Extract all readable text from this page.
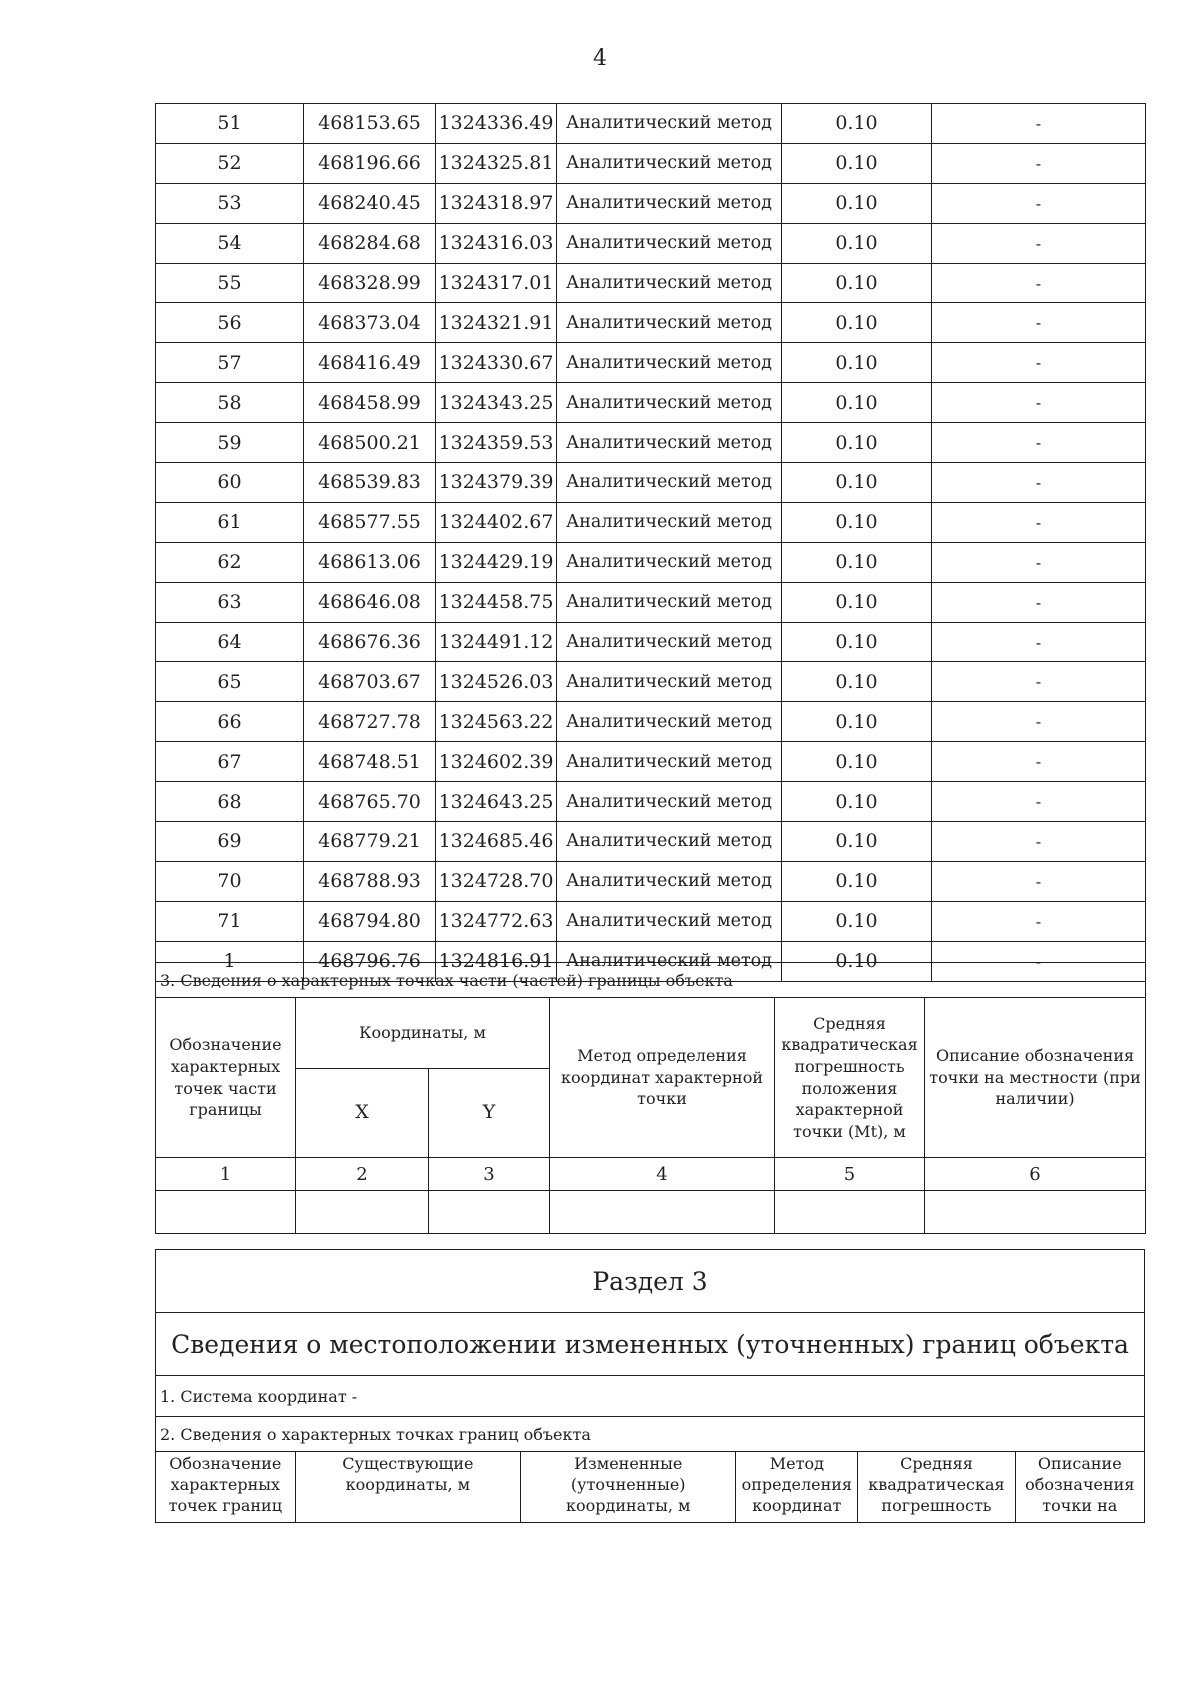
4
51	468153.65	1324336.49	Аналитический метод	0.10	-
52	468196.66	1324325.81	Аналитический метод	0.10	-
53	468240.45	1324318.97	Аналитический метод	0.10	-
54	468284.68	1324316.03	Аналитический метод	0.10	-
55	468328.99	1324317.01	Аналитический метод	0.10	-
56	468373.04	1324321.91	Аналитический метод	0.10	-
57	468416.49	1324330.67	Аналитический метод	0.10	-
58	468458.99	1324343.25	Аналитический метод	0.10	-
59	468500.21	1324359.53	Аналитический метод	0.10	-
60	468539.83	1324379.39	Аналитический метод	0.10	-
61	468577.55	1324402.67	Аналитический метод	0.10	-
62	468613.06	1324429.19	Аналитический метод	0.10	-
63	468646.08	1324458.75	Аналитический метод	0.10	-
64	468676.36	1324491.12	Аналитический метод	0.10	-
65	468703.67	1324526.03	Аналитический метод	0.10	-
66	468727.78	1324563.22	Аналитический метод	0.10	-
67	468748.51	1324602.39	Аналитический метод	0.10	-
68	468765.70	1324643.25	Аналитический метод	0.10	-
69	468779.21	1324685.46	Аналитический метод	0.10	-
70	468788.93	1324728.70	Аналитический метод	0.10	-
71	468794.80	1324772.63	Аналитический метод	0.10	-
1	468796.76	1324816.91	Аналитический метод	0.10	-
3. Сведения о характерных точках части (частей) границы объекта					
Обозначение характерных точек части границы	Координаты, м		Метод определения координат характерной точки	Средняя квадратическая погрешность положения характерной точки (Mt), м	Описание обозначения точки на местности (при наличии)
	X	Y			
1	2	3	4	5	6

Раздел 3
Сведения о местоположении измененных (уточненных) границ объекта
1. Система координат -
2. Сведения о характерных точках границ объекта
Обозначение характерных точек границ	Существующие координаты, м	Измененные (уточненные) координаты, м	Метод определения координат	Средняя квадратическая погрешность	Описание обозначения точки на
